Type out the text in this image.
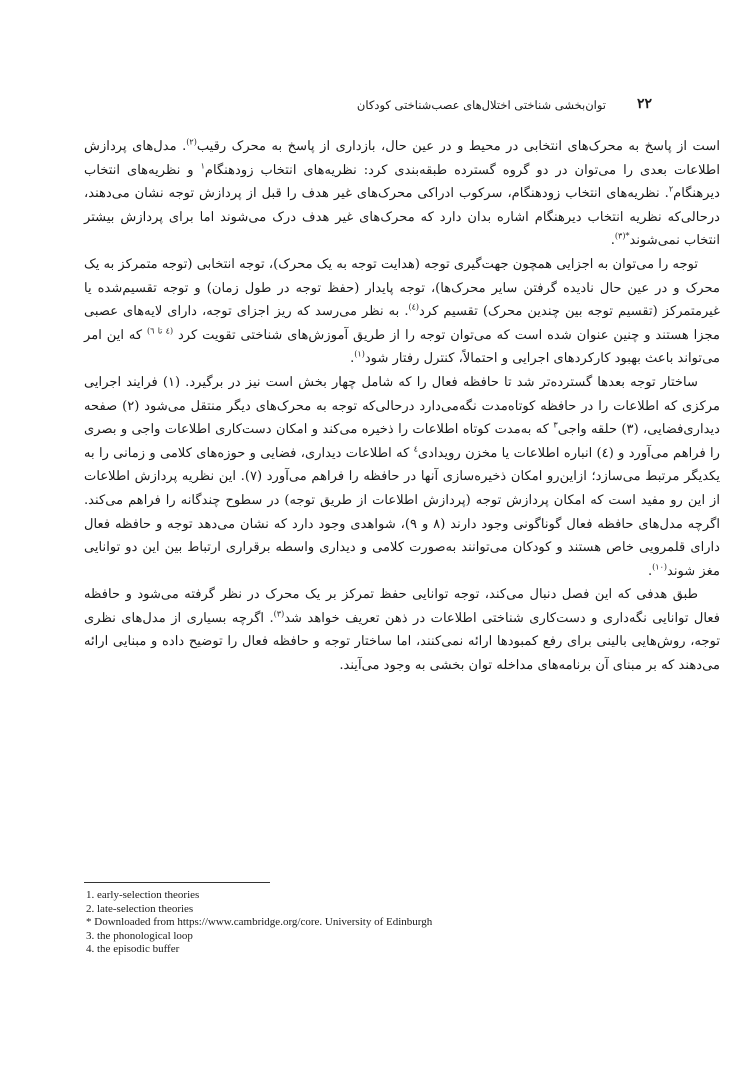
۲۲
توان‌بخشی شناختی اختلال‌های عصب‌شناختی کودکان

است از پاسخ به محرک‌های انتخابی در محیط و در عین حال، بازداری از پاسخ به محرک رقیب$^{(۲)}$. مدل‌های پردازش اطلاعات بعدی را می‌توان در دو گروه گسترده طبقه‌بندی کرد: نظریه‌های انتخاب زودهنگام$^۱$ و نظریه‌های انتخاب دیرهنگام$^۲$. نظریه‌های انتخاب زودهنگام، سرکوب ادراکی محرک‌های غیر هدف را قبل از پردازش توجه نشان می‌دهند، درحالی‌که نظریه انتخاب دیرهنگام اشاره بدان دارد که محرک‌های غیر هدف درک می‌شوند اما برای پردازش بیشتر انتخاب نمی‌شوند$^{*(۳)}$.

توجه را می‌توان به اجزایی همچون جهت‌گیری توجه (هدایت توجه به یک محرک)، توجه انتخابی (توجه متمرکز به یک محرک و در عین حال نادیده گرفتن سایر محرک‌ها)، توجه پایدار (حفظ توجه در طول زمان) و توجه تقسیم‌شده یا غیرمتمرکز (تقسیم توجه بین چندین محرک) تقسیم کرد$^{(٤)}$. به نظر می‌رسد که ریز اجزای توجه، دارای لایه‌های عصبی مجزا هستند و چنین عنوان شده است که می‌توان توجه را از طریق آموزش‌های شناختی تقویت کرد $^{(٤ تا ٦)}$ که این امر می‌تواند باعث بهبود کارکردهای اجرایی و احتمالاً، کنترل رفتار شود$^{(۱)}$.

ساختار توجه بعدها گسترده‌تر شد تا حافظه فعال را که شامل چهار بخش است نیز در برگیرد. (۱) فرایند اجرایی مرکزی که اطلاعات را در حافظه کوتاه‌مدت نگه‌می‌دارد درحالی‌که توجه به محرک‌های دیگر منتقل می‌شود (۲) صفحه دیداری‌فضایی، (۳) حلقه واجی$^۳$ که به‌مدت کوتاه اطلاعات را ذخیره می‌کند و امکان دست‌کاری اطلاعات واجی و بصری را فراهم می‌آورد و (٤) انباره اطلاعات یا مخزن رویدادی$^٤$ که اطلاعات دیداری، فضایی و حوزه‌های کلامی و زمانی را به یکدیگر مرتبط می‌سازد؛ ازاین‌رو امکان ذخیره‌سازی آنها در حافظه را فراهم می‌آورد (۷). این نظریه پردازش اطلاعات از این رو مفید است که امکان پردازش توجه (پردازش اطلاعات از طریق توجه) در سطوح چندگانه را فراهم می‌کند. اگرچه مدل‌های حافظه فعال گوناگونی وجود دارند (۸ و ۹)، شواهدی وجود دارد که نشان می‌دهد توجه و حافظه فعال دارای قلمرویی خاص هستند و کودکان می‌توانند به‌صورت کلامی و دیداری واسطه برقراری ارتباط بین این دو توانایی مغز شوند$^{(۱۰)}$.

طبق هدفی که این فصل دنبال می‌کند، توجه توانایی حفظ تمرکز بر یک محرک در نظر گرفته می‌شود و حافظه فعال توانایی نگه‌داری و دست‌کاری شناختی اطلاعات در ذهن تعریف خواهد شد$^{(۳)}$. اگرچه بسیاری از مدل‌های نظری توجه، روش‌هایی بالینی برای رفع کمبودها ارائه نمی‌کنند، اما ساختار توجه و حافظه فعال را توضیح داده و مبنایی ارائه می‌دهند که بر مبنای آن برنامه‌های مداخله توان بخشی به وجود می‌آیند.

1. early-selection theories

2. late-selection theories

* Downloaded from https://www.cambridge.org/core. University of Edinburgh

3. the phonological loop

4. the episodic buffer
